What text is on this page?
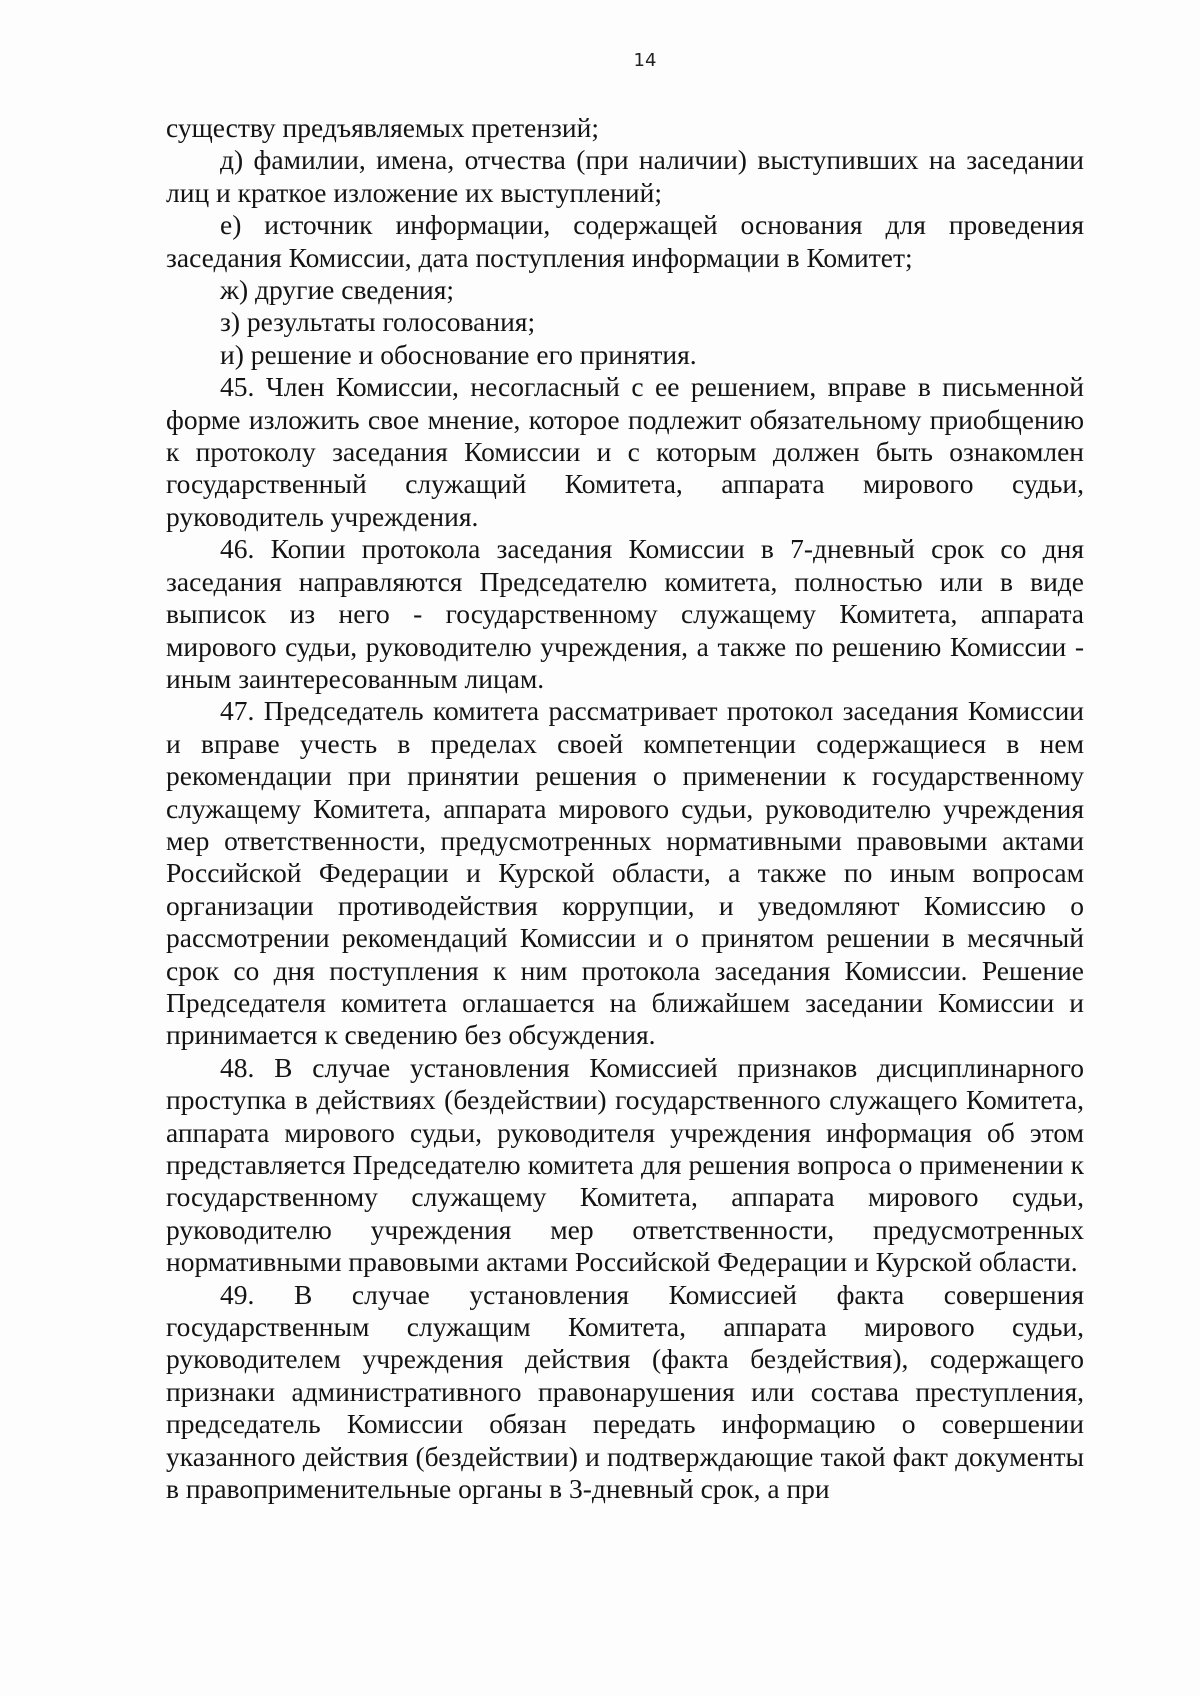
14

существу предъявляемых претензий;

д) фамилии, имена, отчества (при наличии) выступивших на заседании лиц и краткое изложение их выступлений;

е) источник информации, содержащей основания для проведения заседания Комиссии, дата поступления информации в Комитет;

ж) другие сведения;

з) результаты голосования;

и) решение и обоснование его принятия.

45. Член Комиссии, несогласный с ее решением, вправе в письменной форме изложить свое мнение, которое подлежит обязательному приобщению к протоколу заседания Комиссии и с которым должен быть ознакомлен государственный служащий Комитета, аппарата мирового судьи, руководитель учреждения.

46. Копии протокола заседания Комиссии в 7-дневный срок со дня заседания направляются Председателю комитета, полностью или в виде выписок из него - государственному служащему Комитета, аппарата мирового судьи, руководителю учреждения, а также по решению Комиссии - иным заинтересованным лицам.

47. Председатель комитета рассматривает протокол заседания Комиссии и вправе учесть в пределах своей компетенции содержащиеся в нем рекомендации при принятии решения о применении к государственному служащему Комитета, аппарата мирового судьи, руководителю учреждения мер ответственности, предусмотренных нормативными правовыми актами Российской Федерации и Курской области, а также по иным вопросам организации противодействия коррупции, и уведомляют Комиссию о рассмотрении рекомендаций Комиссии и о принятом решении в месячный срок со дня поступления к ним протокола заседания Комиссии. Решение Председателя комитета оглашается на ближайшем заседании Комиссии и принимается к сведению без обсуждения.

48. В случае установления Комиссией признаков дисциплинарного проступка в действиях (бездействии) государственного служащего Комитета, аппарата мирового судьи, руководителя учреждения информация об этом представляется Председателю комитета для решения вопроса о применении к государственному служащему Комитета, аппарата мирового судьи, руководителю учреждения мер ответственности, предусмотренных нормативными правовыми актами Российской Федерации и Курской области.

49. В случае установления Комиссией факта совершения государственным служащим Комитета, аппарата мирового судьи, руководителем учреждения действия (факта бездействия), содержащего признаки административного правонарушения или состава преступления, председатель Комиссии обязан передать информацию о совершении указанного действия (бездействии) и подтверждающие такой факт документы в правоприменительные органы в 3-дневный срок, а при
